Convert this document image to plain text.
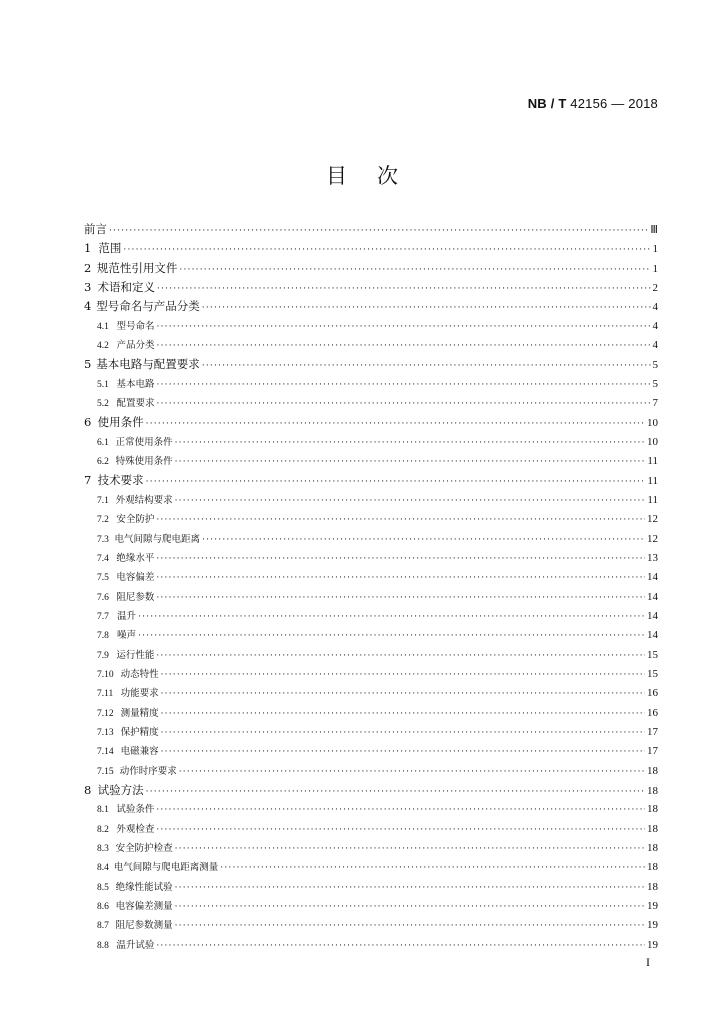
NB / T 42156 — 2018
目次
前言 ·····	Ⅲ
1 范围 ·····	1
2 规范性引用文件 ·····	1
3 术语和定义 ·····	2
4 型号命名与产品分类 ·····	4
4.1 型号命名 ·····	4
4.2 产品分类 ·····	4
5 基本电路与配置要求 ·····	5
5.1 基本电路 ·····	5
5.2 配置要求 ·····	7
6 使用条件 ·····	10
6.1 正常使用条件 ·····	10
6.2 特殊使用条件 ·····	11
7 技术要求 ·····	11
7.1 外观结构要求 ·····	11
7.2 安全防护 ·····	12
7.3 电气间隙与爬电距离 ·····	12
7.4 绝缘水平 ·····	13
7.5 电容偏差 ·····	14
7.6 阻尼参数 ·····	14
7.7 温升 ·····	14
7.8 噪声 ·····	14
7.9 运行性能 ·····	15
7.10 动态特性 ·····	15
7.11 功能要求 ·····	16
7.12 测量精度 ·····	16
7.13 保护精度 ·····	17
7.14 电磁兼容 ·····	17
7.15 动作时序要求 ·····	18
8 试验方法 ·····	18
8.1 试验条件 ·····	18
8.2 外观检查 ·····	18
8.3 安全防护检查 ·····	18
8.4 电气间隙与爬电距离测量 ·····	18
8.5 绝缘性能试验 ·····	18
8.6 电容偏差测量 ·····	19
8.7 阻尼参数测量 ·····	19
8.8 温升试验 ·····	19
I
